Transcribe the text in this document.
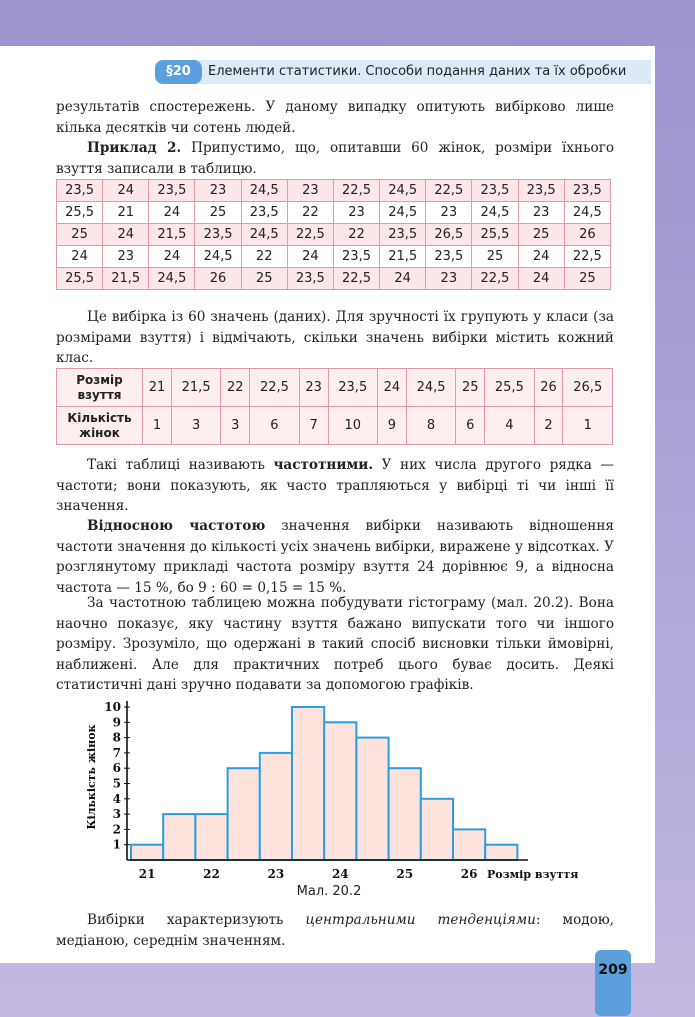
§20	Елементи статистики. Способи подання даних та їх обробки

результатів спостережень. У даному випадку опитують вибірково лише кілька десятків чи сотень людей.

Приклад 2. Припустимо, що, опитавши 60 жінок, розміри їхнього взуття записали в таблицю.

23,5	24	23,5	23	24,5	23	22,5	24,5	22,5	23,5	23,5	23,5
25,5	21	24	25	23,5	22	23	24,5	23	24,5	23	24,5
25	24	21,5	23,5	24,5	22,5	22	23,5	26,5	25,5	25	26
24	23	24	24,5	22	24	23,5	21,5	23,5	25	24	22,5
25,5	21,5	24,5	26	25	23,5	22,5	24	23	22,5	24	25

Це вибірка із 60 значень (даних). Для зручності їх групують у класи (за розмірами взуття) і відмічають, скільки значень вибірки містить кожний клас.

Розмір взуття	21	21,5	22	22,5	23	23,5	24	24,5	25	25,5	26	26,5
Кількість жінок	1	3	3	6	7	10	9	8	6	4	2	1

Такі таблиці називають частотними. У них числа другого рядка — частоти; вони показують, як часто трапляються у вибірці ті чи інші її значення.

Відносною частотою значення вибірки називають відношення частоти значення до кількості усіх значень вибірки, виражене у відсотках. У розглянутому прикладі частота розміру взуття 24 дорівнює 9, а відносна частота — 15 %, бо 9 : 60 = 0,15 = 15 %.

За частотною таблицею можна побудувати гістограму (мал. 20.2). Вона наочно показує, яку частину взуття бажано випускати того чи іншого розміру. Зрозуміло, що одержані в такий спосіб висновки тільки ймовірні, наближені. Але для практичних потреб цього буває досить. Деякі статистичні дані зручно подавати за допомогою графіків.

1
2
3
4
5
6
7
8
9
10
21	22	23	24	25	26 Розмір взуття
Кількість жінок
Мал. 20.2

Вибірки характеризують центральними тенденціями: модою, медіаною, середнім значенням.

209
